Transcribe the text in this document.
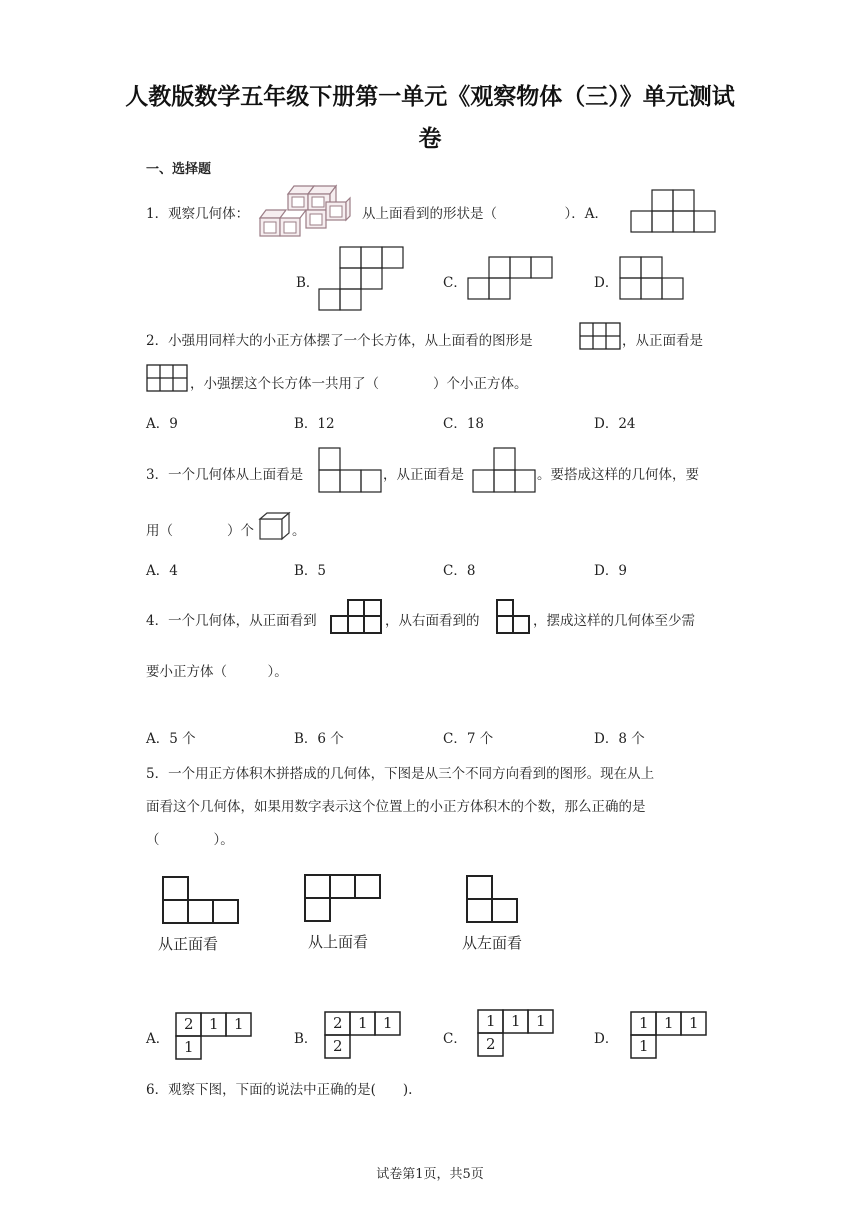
人教版数学五年级下册第一单元《观察物体（三）》单元测试
卷
一、选择题
1．观察几何体：	从上面看到的形状是（　　　　　）．A．
B．	C．	D．
2．小强用同样大的小正方体摆了一个长方体，从上面看的图形是	，从正面看是
，小强摆这个长方体一共用了（　　　　）个小正方体。
A．9	B．12	C．18	D．24
3．一个几何体从上面看是	，从正面看是	。要搭成这样的几何体，要
用（　　　　）个	。
A．4	B．5	C．8	D．9
4．一个几何体，从正面看到	，从右面看到的	，摆成这样的几何体至少需
要小正方体（　　　）。
A．5 个	B．6 个	C．7 个	D．8 个
5．一个用正方体积木拼搭成的几何体，下图是从三个不同方向看到的图形。现在从上
面看这个几何体，如果用数字表示这个位置上的小正方体积木的个数，那么正确的是
（　　　　）。
从正面看	从上面看	从左面看
A．
2 1 1
1	B．
2 1 1
2	C．
1 1 1
2	D．
1 1 1
1
6．观察下图，下面的说法中正确的是(　　).
试卷第1页，共5页
